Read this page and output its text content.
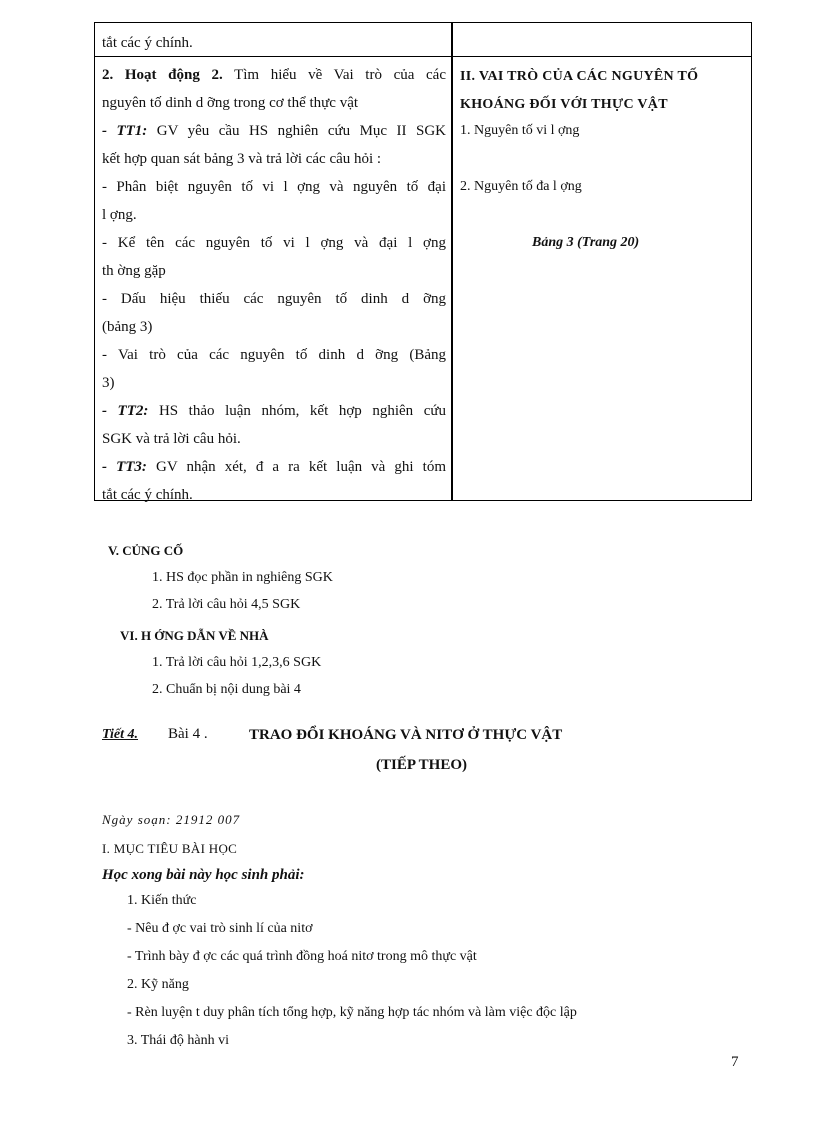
tắt các ý chính.
2. Hoạt động 2. Tìm hiểu về Vai trò của các
nguyên tố dinh d ỡng trong cơ thể thực vật
- TT1: GV yêu cầu HS nghiên cứu Mục II SGK
kết hợp quan sát bảng 3 và trả lời các câu hỏi :
- Phân biệt nguyên tố vi l ợng và nguyên tố đại
l ợng.
- Kể tên các nguyên tố vi l ợng và đại l ợng
th ờng gặp
- Dấu hiệu thiếu các nguyên tố dinh d ỡng
(bảng 3)
- Vai trò của các nguyên tố dinh d ỡng (Bảng
3)
- TT2: HS thảo luận nhóm, kết hợp nghiên cứu
SGK và trả lời câu hỏi.
- TT3: GV nhận xét, đ a ra kết luận và ghi tóm
tắt các ý chính.
II. VAI TRÒ CỦA CÁC NGUYÊN TỐ
KHOÁNG ĐỐI VỚI THỰC VẬT
1. Nguyên tố vi l ợng
2. Nguyên tố đa l ợng
Bảng 3 (Trang 20)
V. CỦNG CỐ
1. HS đọc phần in nghiêng SGK
2. Trả lời câu hỏi 4,5 SGK
VI. H ỚNG DẪN VỀ NHÀ
1. Trả lời câu hỏi 1,2,3,6 SGK
2. Chuẩn bị nội dung bài 4
Tiết 4. Bài 4 .	TRAO ĐỔI KHOÁNG VÀ NITƠ Ở THỰC VẬT
(TIẾP THEO)
Ngày soạn: 21912 007
I. MỤC TIÊU BÀI HỌC
Học xong bài này học sinh phải:
1. Kiến thức
- Nêu đ ợc vai trò sinh lí của nitơ
- Trình bày đ ợc các quá trình đồng hoá nitơ trong mô thực vật
2. Kỹ năng
- Rèn luyện t duy phân tích tổng hợp, kỹ năng hợp tác nhóm và làm việc độc lập
3. Thái độ hành vi
7
